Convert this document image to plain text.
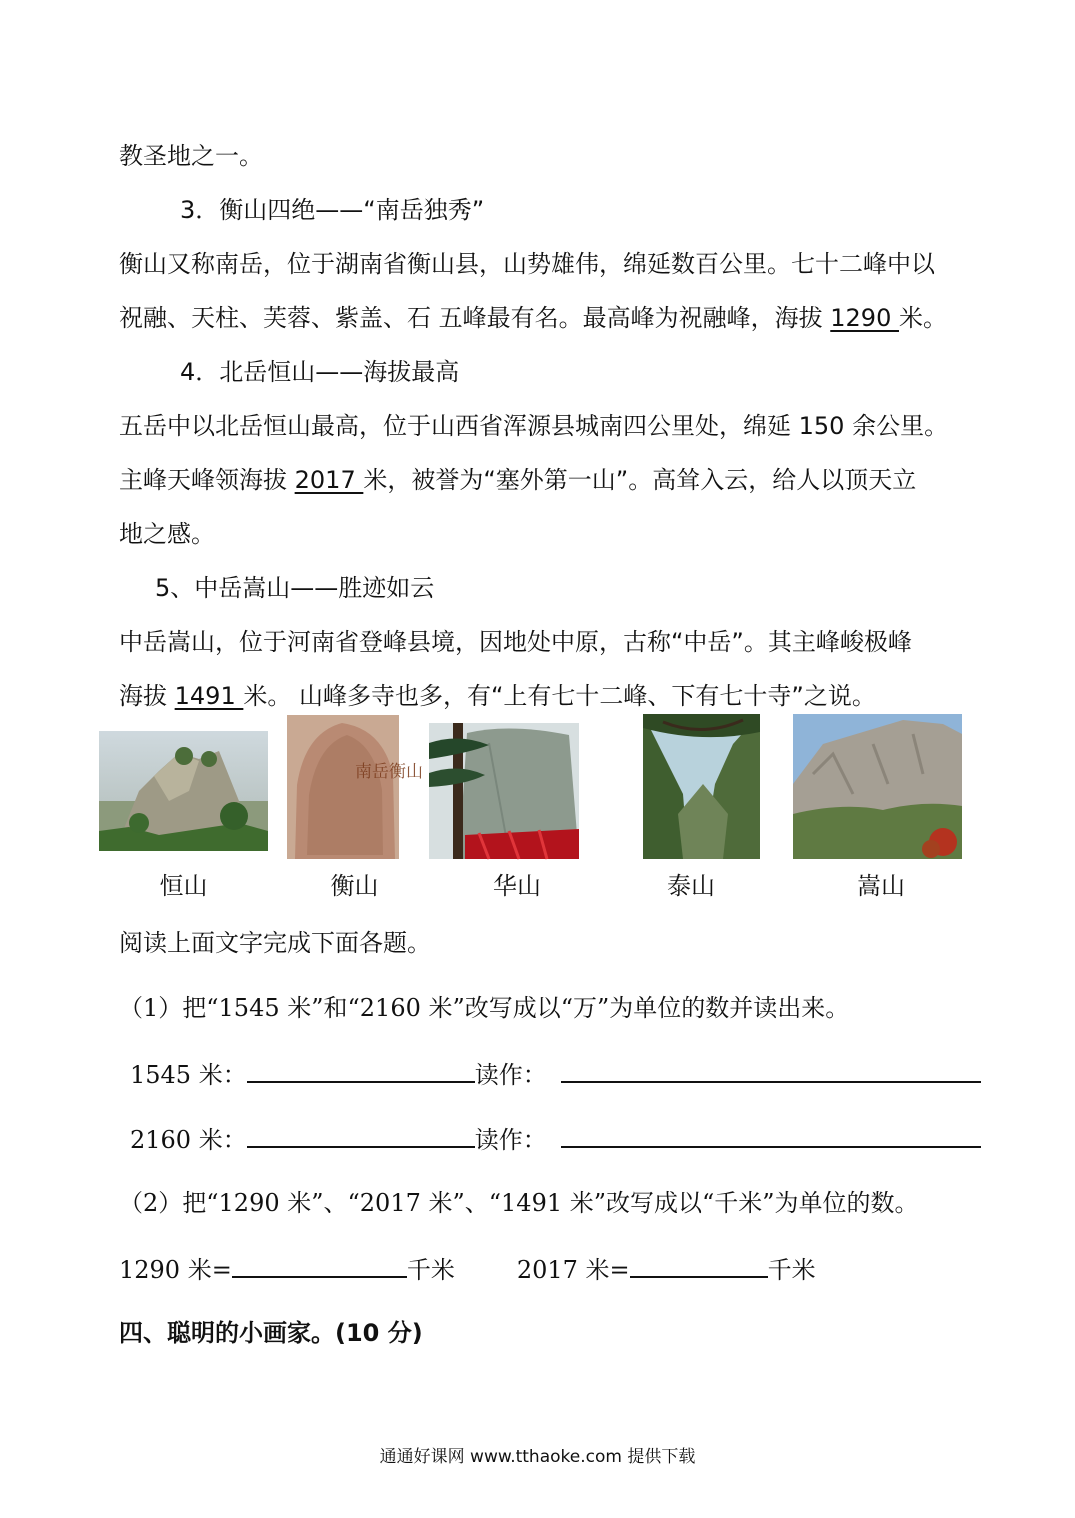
教圣地之一。
3．衡山四绝——“南岳独秀”
衡山又称南岳，位于湖南省衡山县，山势雄伟，绵延数百公里。七十二峰中以
祝融、天柱、芙蓉、紫盖、石 五峰最有名。最高峰为祝融峰，海拔 1290 米。
4．北岳恒山——海拔最高
五岳中以北岳恒山最高，位于山西省浑源县城南四公里处，绵延 150 余公里。
主峰天峰领海拔 2017 米，被誉为“塞外第一山”。高耸入云，给人以顶天立
地之感。
5、中岳嵩山——胜迹如云
中岳嵩山，位于河南省登峰县境，因地处中原，古称“中岳”。其主峰峻极峰
海拔 1491 米。 山峰多寺也多，有“上有七十二峰、下有七十寺”之说。
南岳衡山
恒山	衡山	华山	泰山	嵩山
阅读上面文字完成下面各题。
（1）把“1545 米”和“2160 米”改写成以“万”为单位的数并读出来。
1545 米：	读作：
2160 米：	读作：
（2）把“1290 米”、“2017 米”、“1491 米”改写成以“千米”为单位的数。
1290 米=	千米	2017 米=	千米
四、聪明的小画家。(10 分)
通通好课网 www.tthaoke.com 提供下载
